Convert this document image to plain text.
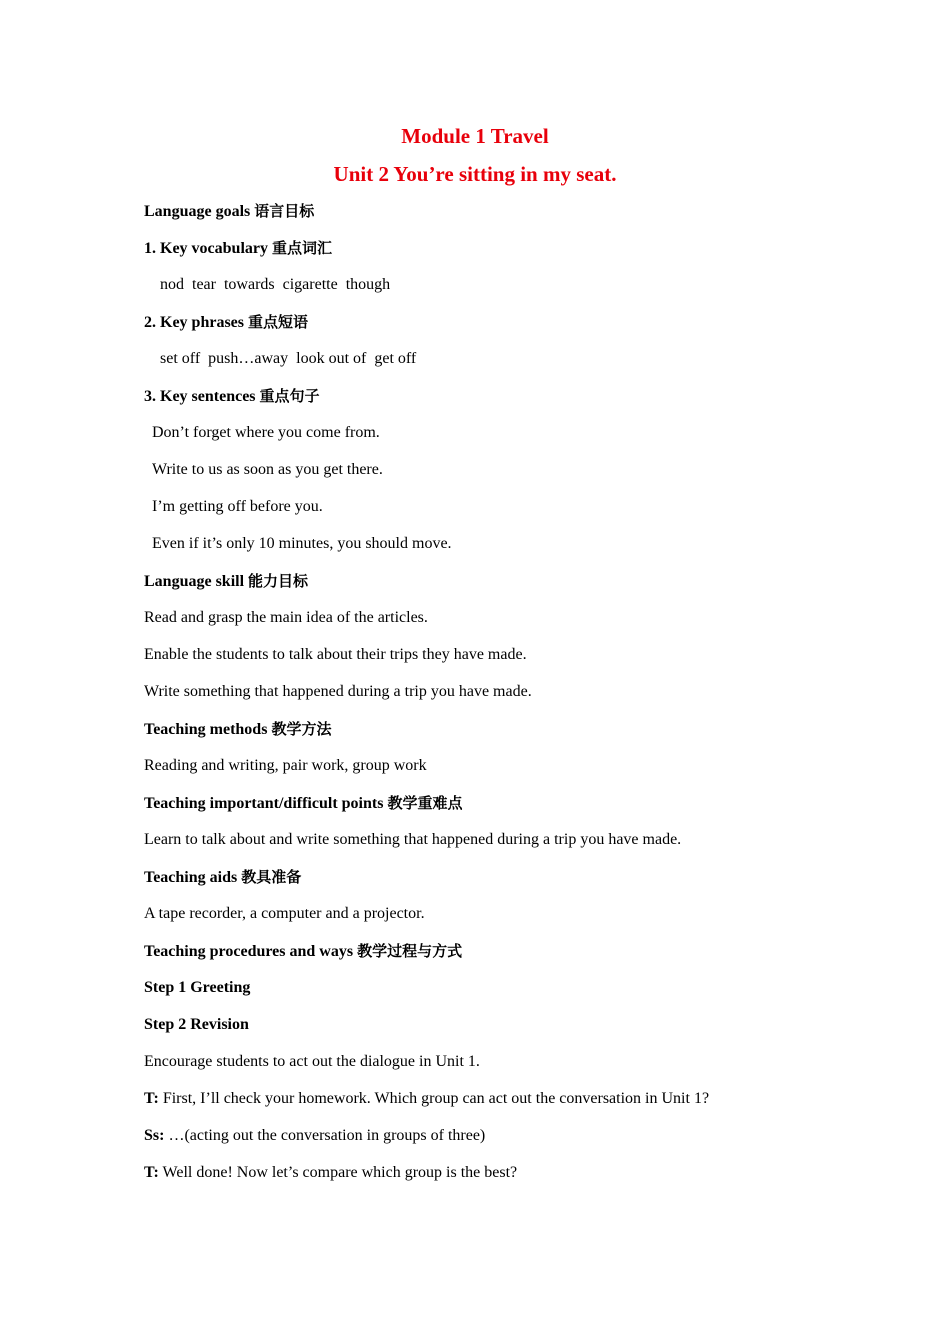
Module 1 Travel
Unit 2 You’re sitting in my seat.
Language goals 语言目标
1. Key vocabulary 重点词汇
nod  tear  towards  cigarette  though
2. Key phrases 重点短语
set off  push…away  look out of  get off
3. Key sentences 重点句子
Don’t forget where you come from.
Write to us as soon as you get there.
I’m getting off before you.
Even if it’s only 10 minutes, you should move.
Language skill 能力目标
Read and grasp the main idea of the articles.
Enable the students to talk about their trips they have made.
Write something that happened during a trip you have made.
Teaching methods 教学方法
Reading and writing, pair work, group work
Teaching important/difficult points 教学重难点
Learn to talk about and write something that happened during a trip you have made.
Teaching aids 教具准备
A tape recorder, a computer and a projector.
Teaching procedures and ways 教学过程与方式
Step 1 Greeting
Step 2 Revision
Encourage students to act out the dialogue in Unit 1.
T: First, I’ll check your homework. Which group can act out the conversation in Unit 1?
Ss: …(acting out the conversation in groups of three)
T: Well done! Now let’s compare which group is the best?
